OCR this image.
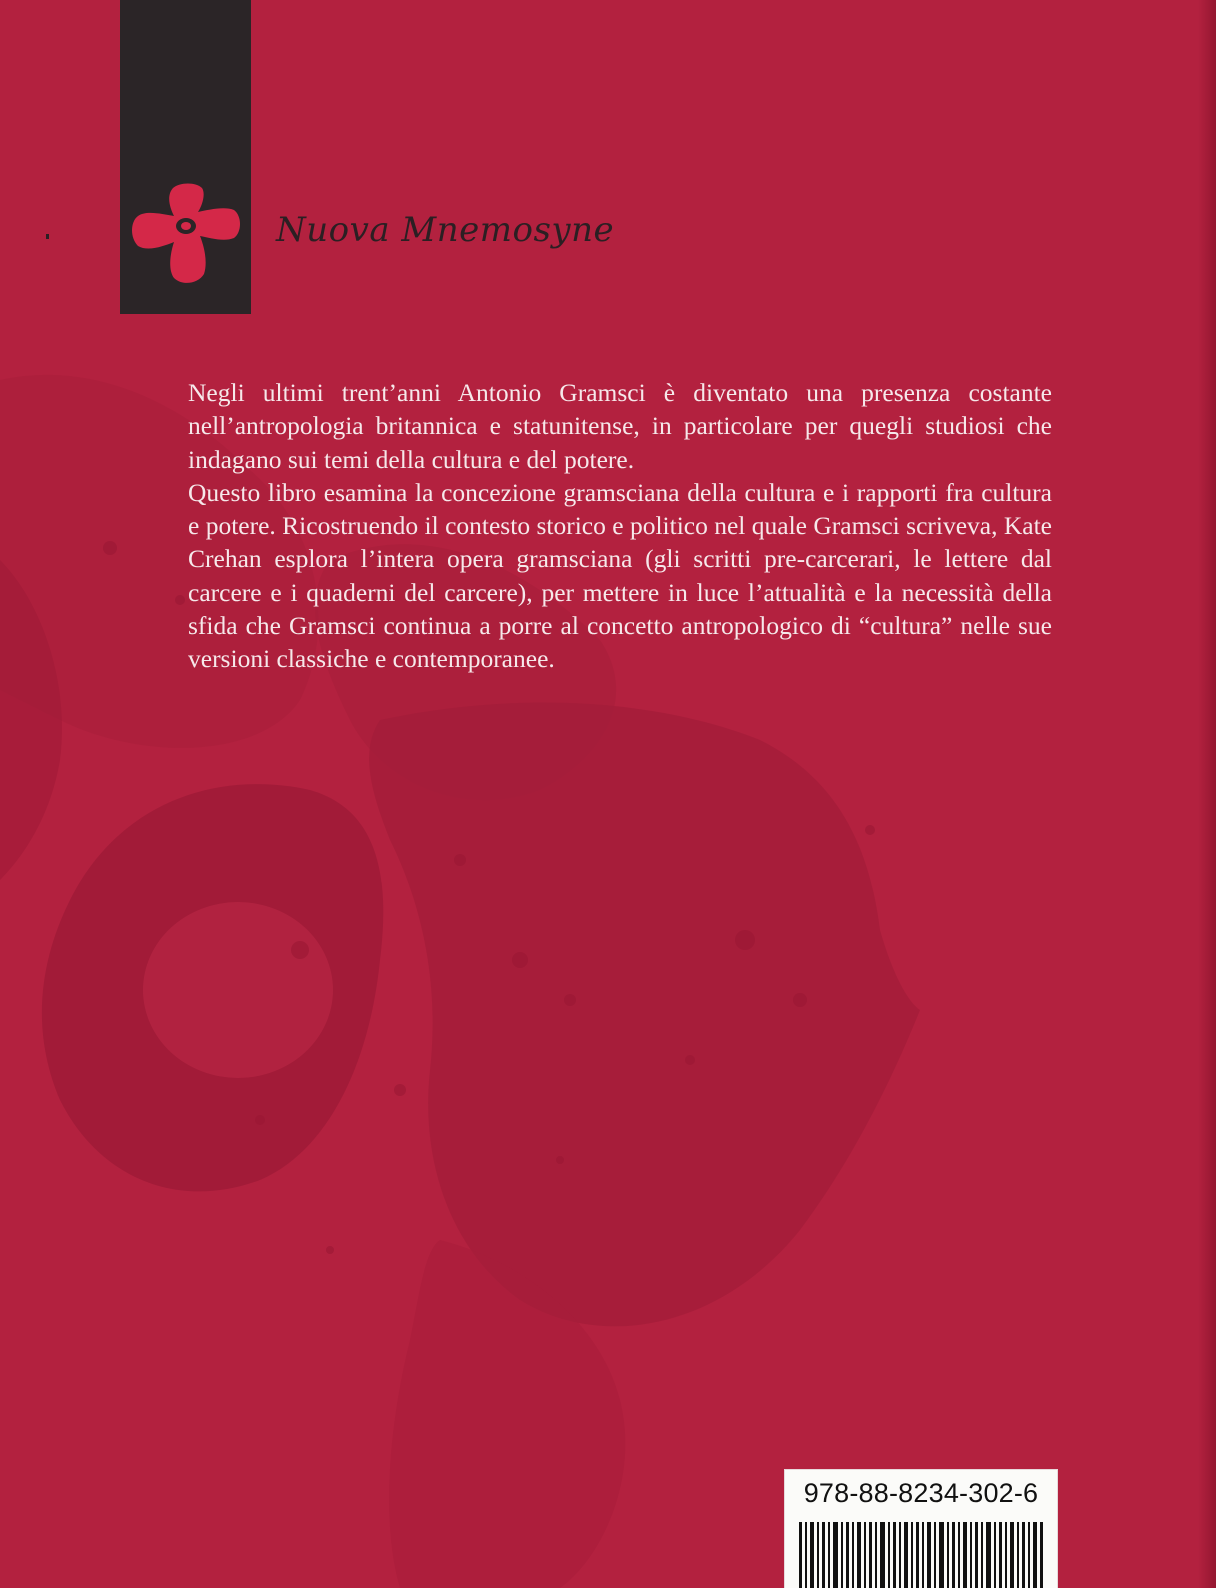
Nuova Mnemosyne

Negli ultimi trent’anni Antonio Gramsci è diventato una presenza costante nell’antropologia britannica e statunitense, in particolare per quegli studiosi che indagano sui temi della cultura e del potere.

Questo libro esamina la concezione gramsciana della cultura e i rapporti fra cultura e potere. Ricostruendo il contesto storico e politico nel quale Gramsci scriveva, Kate Crehan esplora l’intera opera gramsciana (gli scritti pre-carcerari, le lettere dal carcere e i quaderni del carcere), per mettere in luce l’attualità e la necessità della sfida che Gramsci continua a porre al concetto antropologico di “cultura” nelle sue versioni classiche e contemporanee.

978-88-8234-302-6
